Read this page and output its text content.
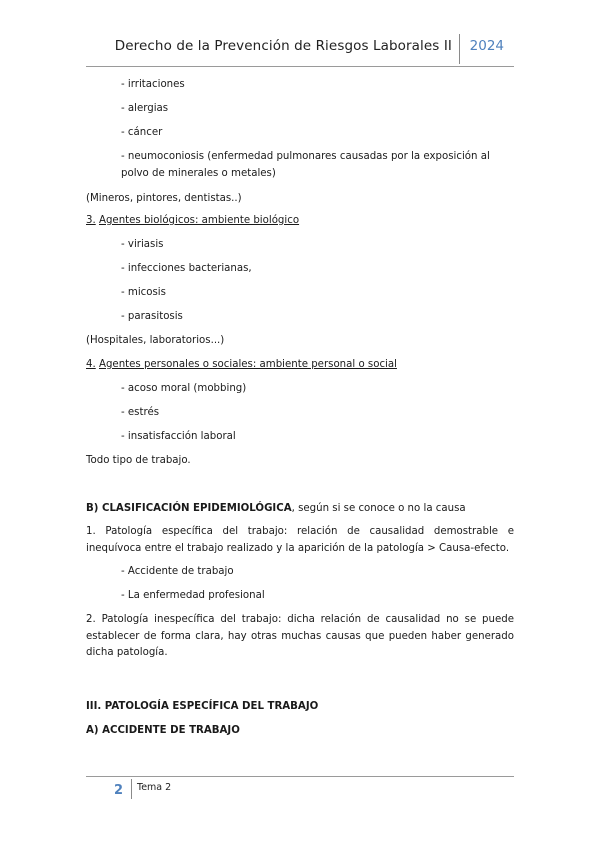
Derecho de la Prevención de Riesgos Laborales II 2024
- irritaciones
- alergias
- cáncer
- neumoconiosis (enfermedad pulmonares causadas por la exposición al polvo de minerales o metales)
(Mineros, pintores, dentistas..)
3. Agentes biológicos: ambiente biológico
- viriasis
- infecciones bacterianas,
- micosis
- parasitosis
(Hospitales, laboratorios...)
4. Agentes personales o sociales: ambiente personal o social
- acoso moral (mobbing)
- estrés
- insatisfacción laboral
Todo tipo de trabajo.
B) CLASIFICACIÓN EPIDEMIOLÓGICA, según si se conoce o no la causa
1. Patología específica del trabajo: relación de causalidad demostrable e inequívoca entre el trabajo realizado y la aparición de la patología > Causa-efecto.
- Accidente de trabajo
- La enfermedad profesional
2. Patología inespecífica del trabajo: dicha relación de causalidad no se puede establecer de forma clara, hay otras muchas causas que pueden haber generado dicha patología.
III. PATOLOGÍA ESPECÍFICA DEL TRABAJO
A) ACCIDENTE DE TRABAJO
2 Tema 2
